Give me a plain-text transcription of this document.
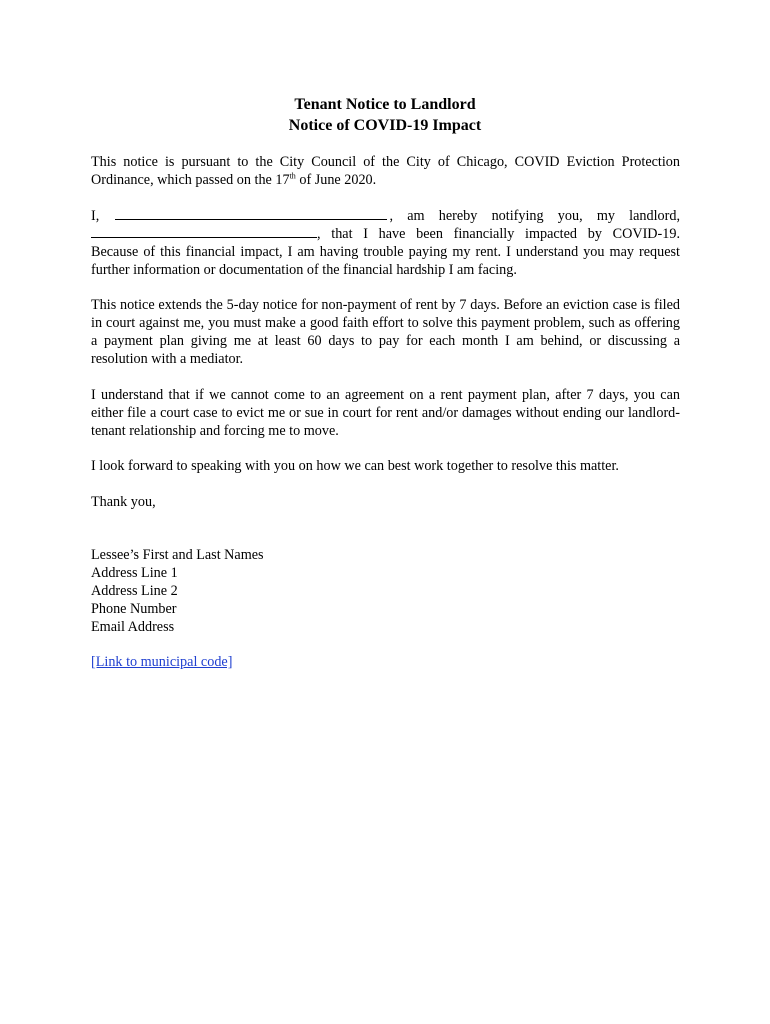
Tenant Notice to Landlord
Notice of COVID-19 Impact

This notice is pursuant to the City Council of the City of Chicago, COVID Eviction Protection Ordinance, which passed on the 17th of June 2020.

I,	, am hereby notifying you, my landlord,
, that I have been financially impacted by COVID-19.
Because of this financial impact, I am having trouble paying my rent. I understand you may request further information or documentation of the financial hardship I am facing.

This notice extends the 5-day notice for non-payment of rent by 7 days. Before an eviction case is filed in court against me, you must make a good faith effort to solve this payment problem, such as offering a payment plan giving me at least 60 days to pay for each month I am behind, or discussing a resolution with a mediator.

I understand that if we cannot come to an agreement on a rent payment plan, after 7 days, you can either file a court case to evict me or sue in court for rent and/or damages without ending our landlord-tenant relationship and forcing me to move.

I look forward to speaking with you on how we can best work together to resolve this matter.

Thank you,

Lessee’s First and Last Names
Address Line 1
Address Line 2
Phone Number
Email Address
[Link to municipal code]
